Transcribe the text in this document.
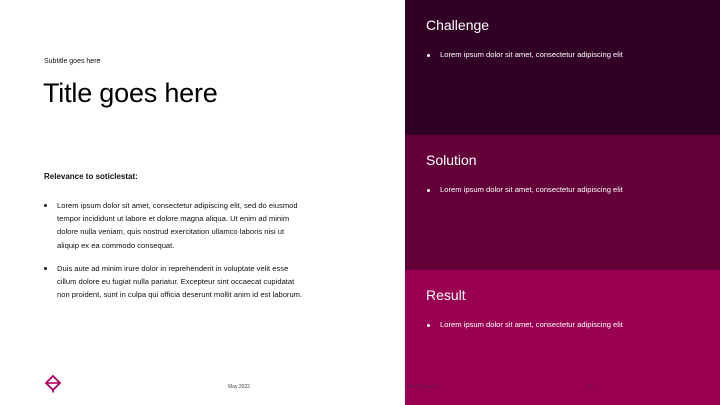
Subtitle goes here
Title goes here
Relevance to soticlestat:
Lorem ipsum dolor sit amet, consectetur adipiscing elit, sed do eiusmod tempor incididunt ut labore et dolore magna aliqua. Ut enim ad minim dolore nulla veniam, quis nostrud exercitation ullamco laboris nisi ut aliquip ex ea commodo consequat.
Duis aute ad minim irure dolor in reprehenderit in voluptate velit esse cillum dolore eu fugiat nulla pariatur. Excepteur sint occaecat cupidatat non proident, sunt in culpa qui officia deserunt mollit anim id est laborum.
May 2022
Challenge
Lorem ipsum dolor sit amet, consectetur adipiscing elit
Solution
Lorem ipsum dolor sit amet, consectetur adipiscing elit
Result
Lorem ipsum dolor sit amet, consectetur adipiscing elit
Brand Launch	10
